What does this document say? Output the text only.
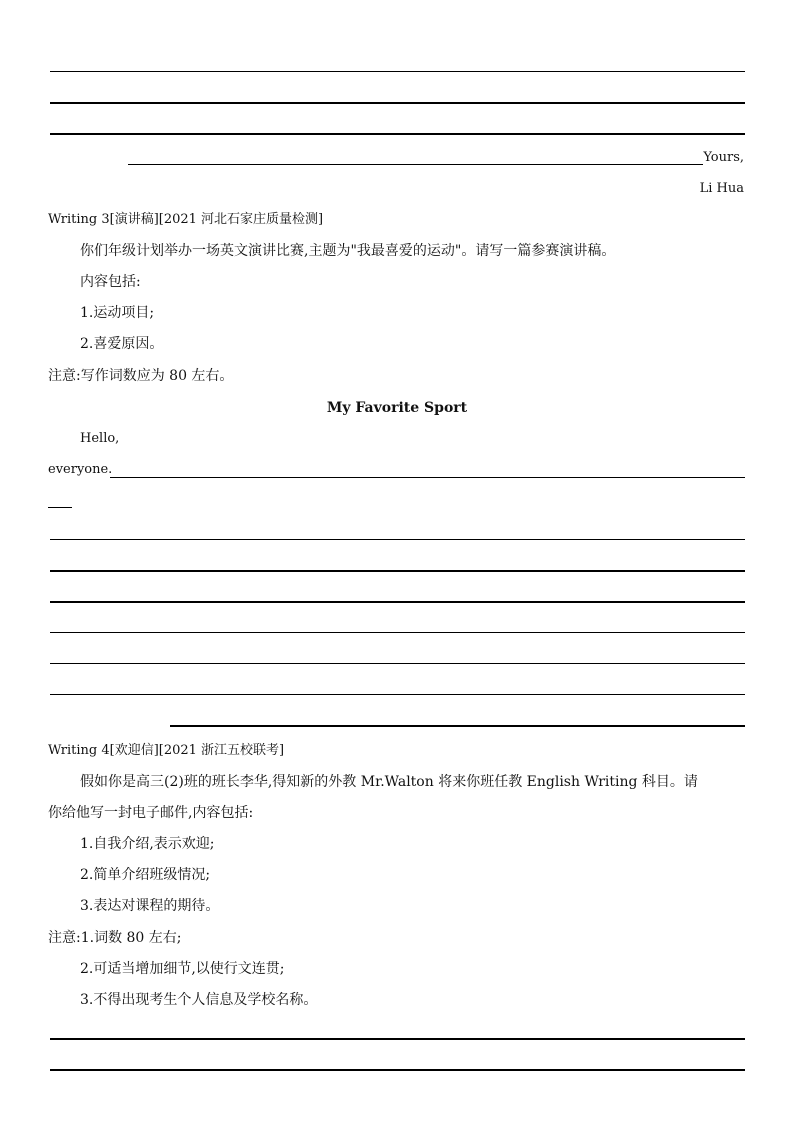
Yours,
Li Hua
Writing 3[演讲稿][2021 河北石家庄质量检测]
你们年级计划举办一场英文演讲比赛,主题为"我最喜爱的运动"。请写一篇参赛演讲稿。
内容包括:
1.运动项目;
2.喜爱原因。
注意:写作词数应为 80 左右。
My Favorite Sport
Hello,
everyone.
Writing 4[欢迎信][2021 浙江五校联考]
假如你是高三(2)班的班长李华,得知新的外教 Mr.Walton 将来你班任教 English Writing 科目。请
你给他写一封电子邮件,内容包括:
1.自我介绍,表示欢迎;
2.简单介绍班级情况;
3.表达对课程的期待。
注意:1.词数 80 左右;
2.可适当增加细节,以使行文连贯;
3.不得出现考生个人信息及学校名称。
